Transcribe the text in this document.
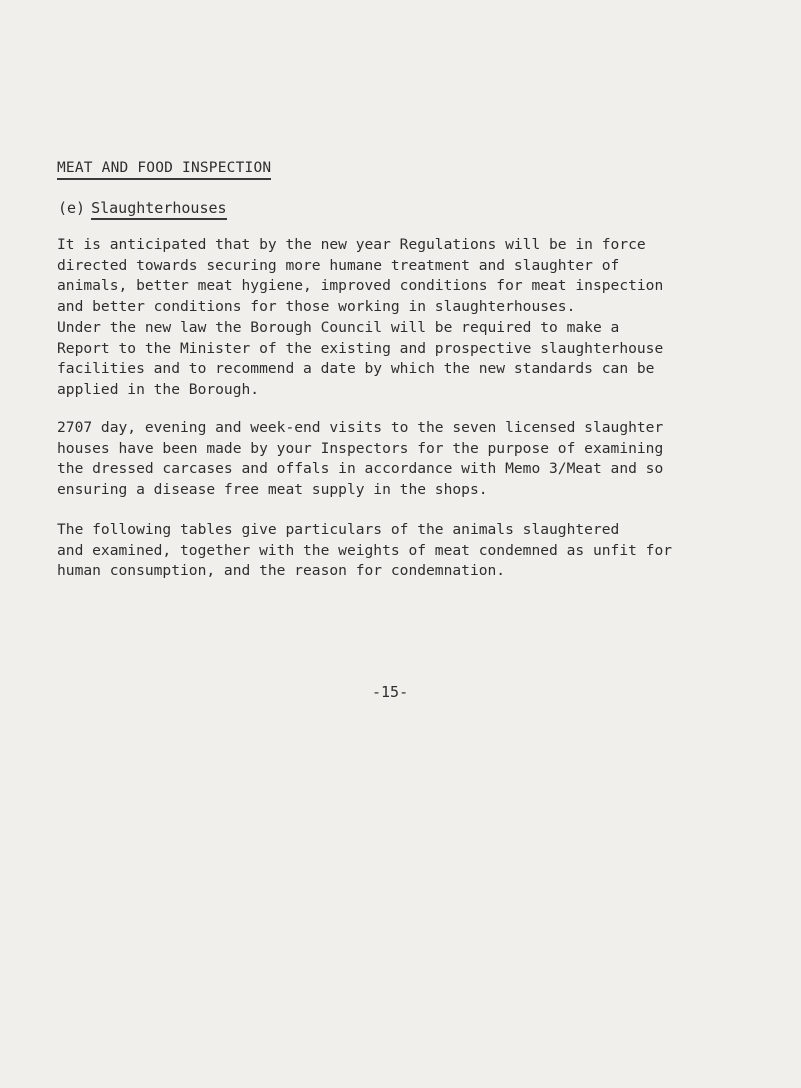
MEAT AND FOOD INSPECTION
(e) Slaughterhouses

It is anticipated that by the new year Regulations will be in force
directed towards securing more humane treatment and slaughter of
animals, better meat hygiene, improved conditions for meat inspection
and better conditions for those working in slaughterhouses.

Under the new law the Borough Council will be required to make a
Report to the Minister of the existing and prospective slaughterhouse
facilities and to recommend a date by which the new standards can be
applied in the Borough.

2707 day, evening and week-end visits to the seven licensed slaughter
houses have been made by your Inspectors for the purpose of examining
the dressed carcases and offals in accordance with Memo 3/Meat and so
ensuring a disease free meat supply in the shops.

The following tables give particulars of the animals slaughtered
and examined, together with the weights of meat condemned as unfit for
human consumption, and the reason for condemnation.

-15-
